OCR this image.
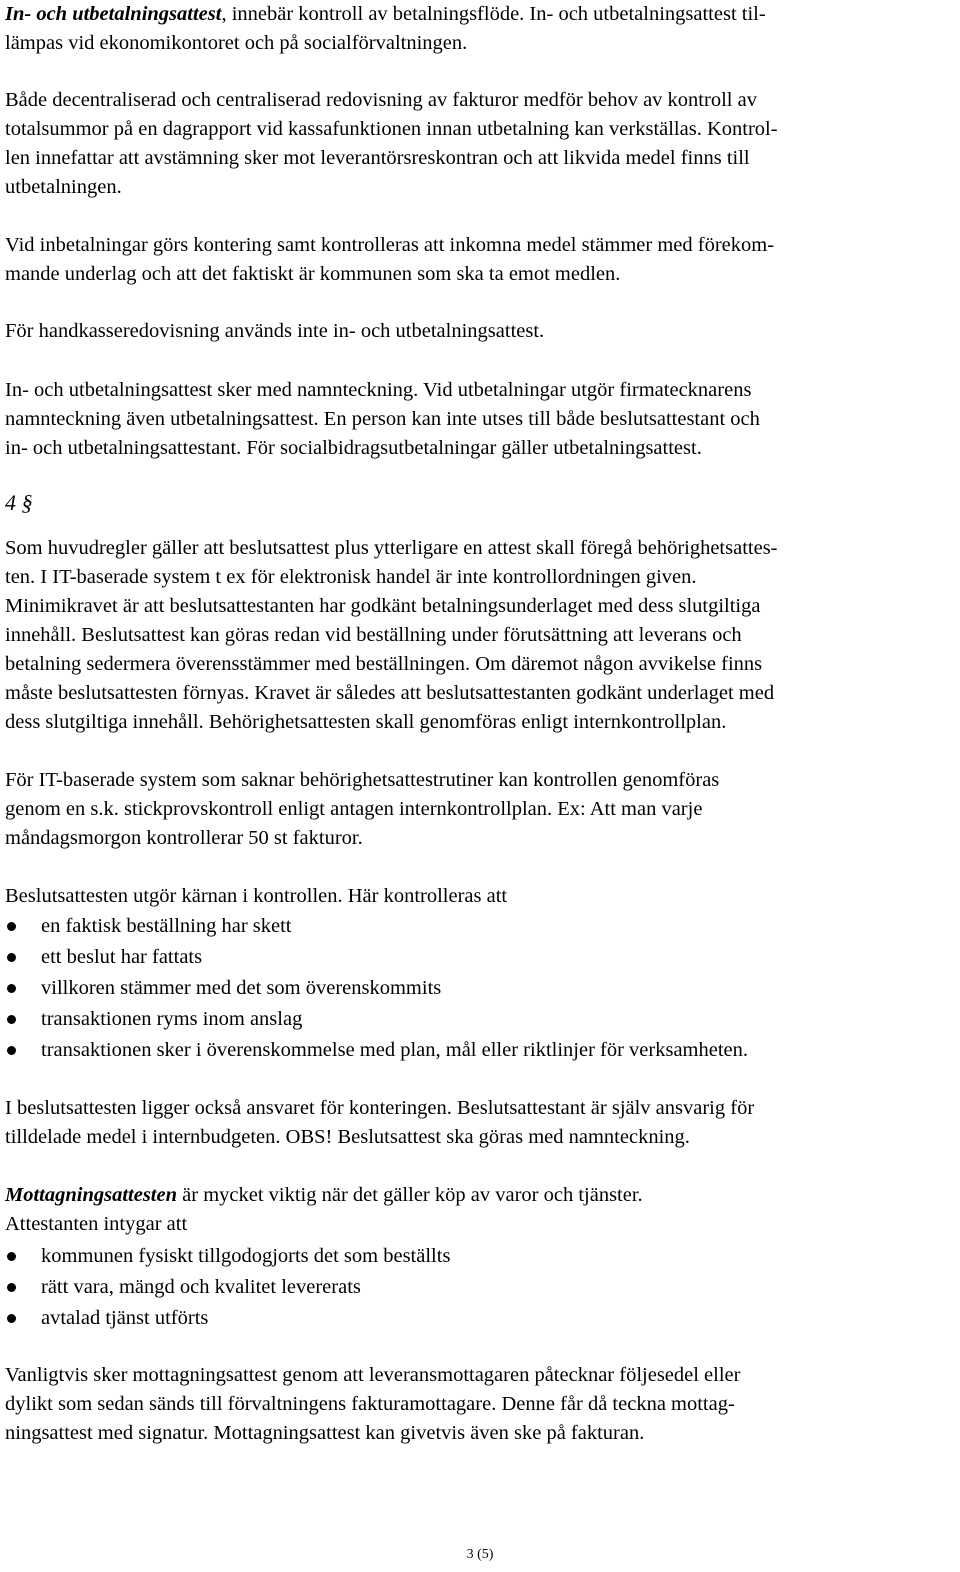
In- och utbetalningsattest, innebär kontroll av betalningsflöde. In- och utbetalningsattest til-
lämpas vid ekonomikontoret och på socialförvaltningen.

Både decentraliserad och centraliserad redovisning av fakturor medför behov av kontroll av
totalsummor på en dagrapport vid kassafunktionen innan utbetalning kan verkställas. Kontrol-
len innefattar att avstämning sker mot leverantörsreskontran och att likvida medel finns till
utbetalningen.

Vid inbetalningar görs kontering samt kontrolleras att inkomna medel stämmer med förekom-
mande underlag och att det faktiskt är kommunen som ska ta emot medlen.

För handkasseredovisning används inte in- och utbetalningsattest.

In- och utbetalningsattest sker med namnteckning. Vid utbetalningar utgör firmatecknarens
namnteckning även utbetalningsattest. En person kan inte utses till både beslutsattestant och
in- och utbetalningsattestant. För socialbidragsutbetalningar gäller utbetalningsattest.

4 §

Som huvudregler gäller att beslutsattest plus ytterligare en attest skall föregå behörighetsattes-
ten. I IT-baserade system t ex för elektronisk handel är inte kontrollordningen given.
Minimikravet är att beslutsattestanten har godkänt betalningsunderlaget med dess slutgiltiga
innehåll. Beslutsattest kan göras redan vid beställning under förutsättning att leverans och
betalning sedermera överensstämmer med beställningen. Om däremot någon avvikelse finns
måste beslutsattesten förnyas. Kravet är således att beslutsattestanten godkänt underlaget med
dess slutgiltiga innehåll. Behörighetsattesten skall genomföras enligt internkontrollplan.

För IT-baserade system som saknar behörighetsattestrutiner kan kontrollen genomföras
genom en s.k. stickprovskontroll enligt antagen internkontrollplan. Ex: Att man varje
måndagsmorgon kontrollerar 50 st fakturor.

Beslutsattesten utgör kärnan i kontrollen. Här kontrolleras att

en faktisk beställning har skett
ett beslut har fattats
villkoren stämmer med det som överenskommits
transaktionen ryms inom anslag
transaktionen sker i överenskommelse med plan, mål eller riktlinjer för verksamheten.

I beslutsattesten ligger också ansvaret för konteringen. Beslutsattestant är själv ansvarig för
tilldelade medel i internbudgeten. OBS! Beslutsattest ska göras med namnteckning.

Mottagningsattesten är mycket viktig när det gäller köp av varor och tjänster.
Attestanten intygar att

kommunen fysiskt tillgodogjorts det som beställts
rätt vara, mängd och kvalitet levererats
avtalad tjänst utförts

Vanligtvis sker mottagningsattest genom att leveransmottagaren påtecknar följesedel eller
dylikt som sedan sänds till förvaltningens fakturamottagare. Denne får då teckna mottag-
ningsattest med signatur. Mottagningsattest kan givetvis även ske på fakturan.

3 (5)
